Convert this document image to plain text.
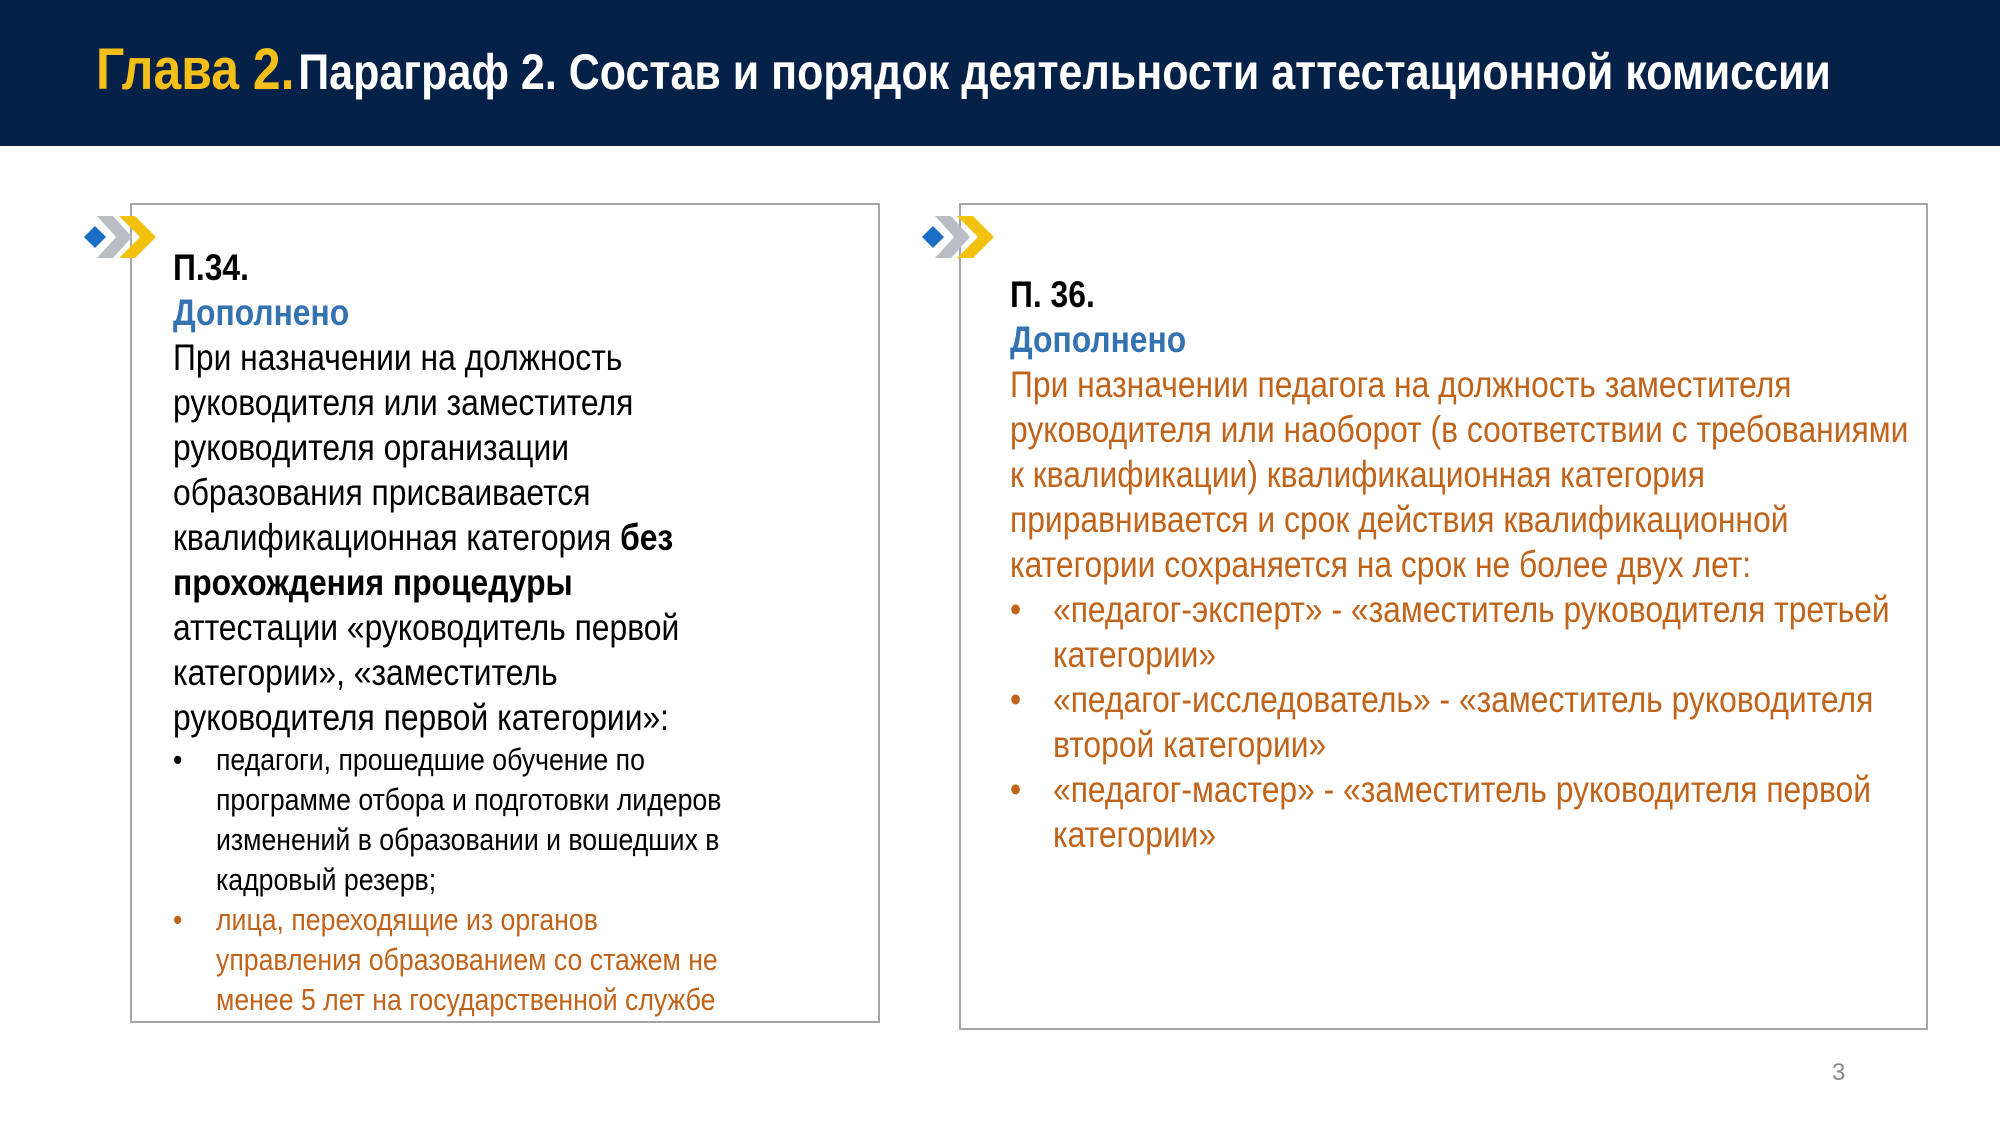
Глава 2. Параграф 2. Состав и порядок деятельности аттестационной комиссии
П.34.
Дополнено
При назначении на должность руководителя или заместителя руководителя организации образования присваивается квалификационная категория без прохождения процедуры аттестации «руководитель первой категории», «заместитель руководителя первой категории»:
• педагоги, прошедшие обучение по программе отбора и подготовки лидеров изменений в образовании и вошедших в кадровый резерв;
• лица, переходящие из органов управления образованием со стажем не менее 5 лет на государственной службе
П. 36.
Дополнено
При назначении педагога на должность заместителя руководителя или наоборот (в соответствии с требованиями к квалификации) квалификационная категория приравнивается и срок действия квалификационной категории сохраняется на срок не более двух лет:
• «педагог-эксперт» - «заместитель руководителя третьей категории»
• «педагог-исследователь» - «заместитель руководителя второй категории»
• «педагог-мастер» - «заместитель руководителя первой категории»
3
